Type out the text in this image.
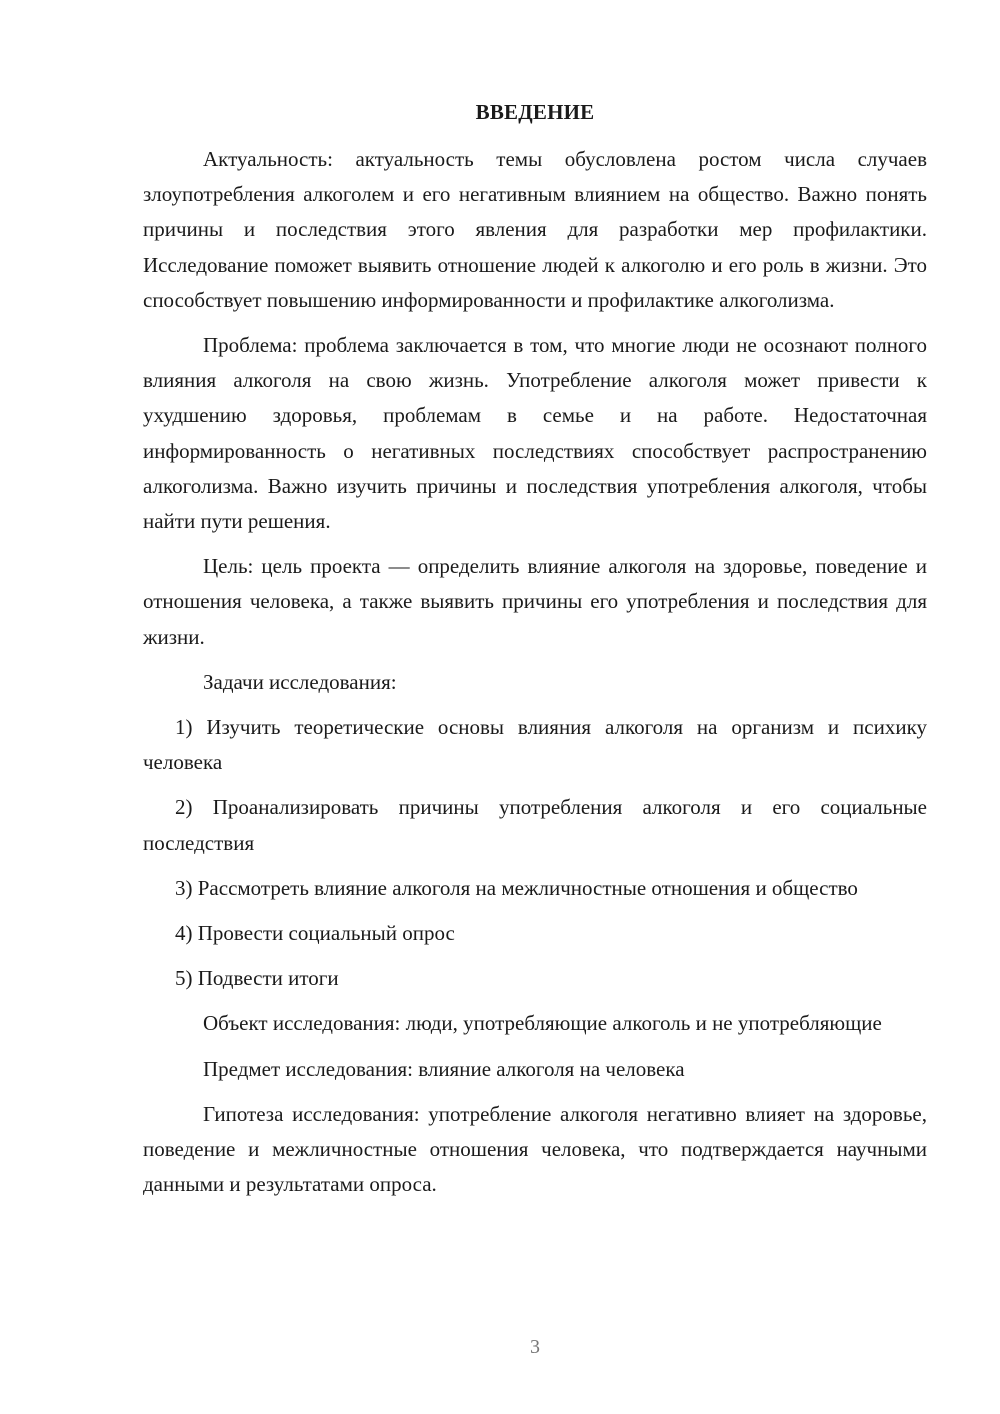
ВВЕДЕНИЕ

Актуальность: актуальность темы обусловлена ростом числа случаев злоупотребления алкоголем и его негативным влиянием на общество. Важно понять причины и последствия этого явления для разработки мер профилактики. Исследование поможет выявить отношение людей к алкоголю и его роль в жизни. Это способствует повышению информированности и профилактике алкоголизма.

Проблема: проблема заключается в том, что многие люди не осознают полного влияния алкоголя на свою жизнь. Употребление алкоголя может привести к ухудшению здоровья, проблемам в семье и на работе. Недостаточная информированность о негативных последствиях способствует распространению алкоголизма. Важно изучить причины и последствия употребления алкоголя, чтобы найти пути решения.

Цель: цель проекта — определить влияние алкоголя на здоровье, поведение и отношения человека, а также выявить причины его употребления и последствия для жизни.

Задачи исследования:

1) Изучить теоретические основы влияния алкоголя на организм и психику человека

2) Проанализировать причины употребления алкоголя и его социальные последствия

3) Рассмотреть влияние алкоголя на межличностные отношения и общество

4) Провести социальный опрос

5) Подвести итоги

Объект исследования: люди, употребляющие алкоголь и не употребляющие

Предмет исследования: влияние алкоголя на человека

Гипотеза исследования: употребление алкоголя негативно влияет на здоровье, поведение и межличностные отношения человека, что подтверждается научными данными и результатами опроса.

3
